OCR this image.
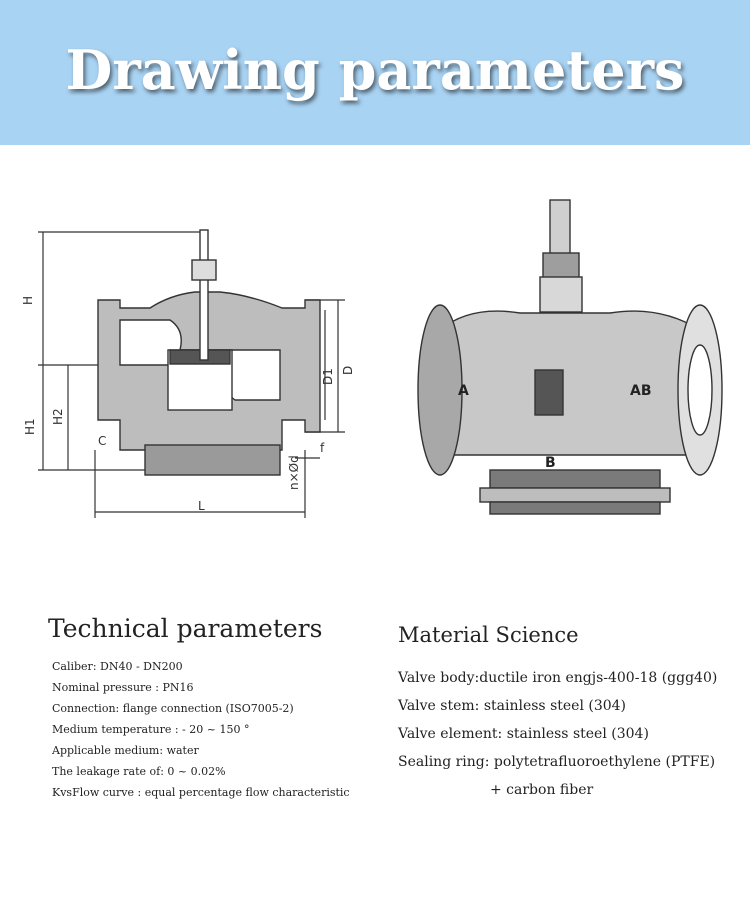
Drawing parameters
H
H1
H2
C
L
D1 D
f
n×Ød
A	AB
B
Technical parameters
Caliber: DN40 - DN200
Nominal pressure : PN16
Connection: flange connection (ISO7005-2)
Medium temperature : - 20 ~ 150 °
Applicable medium: water
The leakage rate of: 0 ~ 0.02%
KvsFlow curve : equal percentage flow characteristic
Material Science
Valve body:ductile iron engjs-400-18 (ggg40)
Valve stem: stainless steel (304)
Valve element: stainless steel (304)
Sealing ring: polytetrafluoroethylene (PTFE)
+ carbon fiber
